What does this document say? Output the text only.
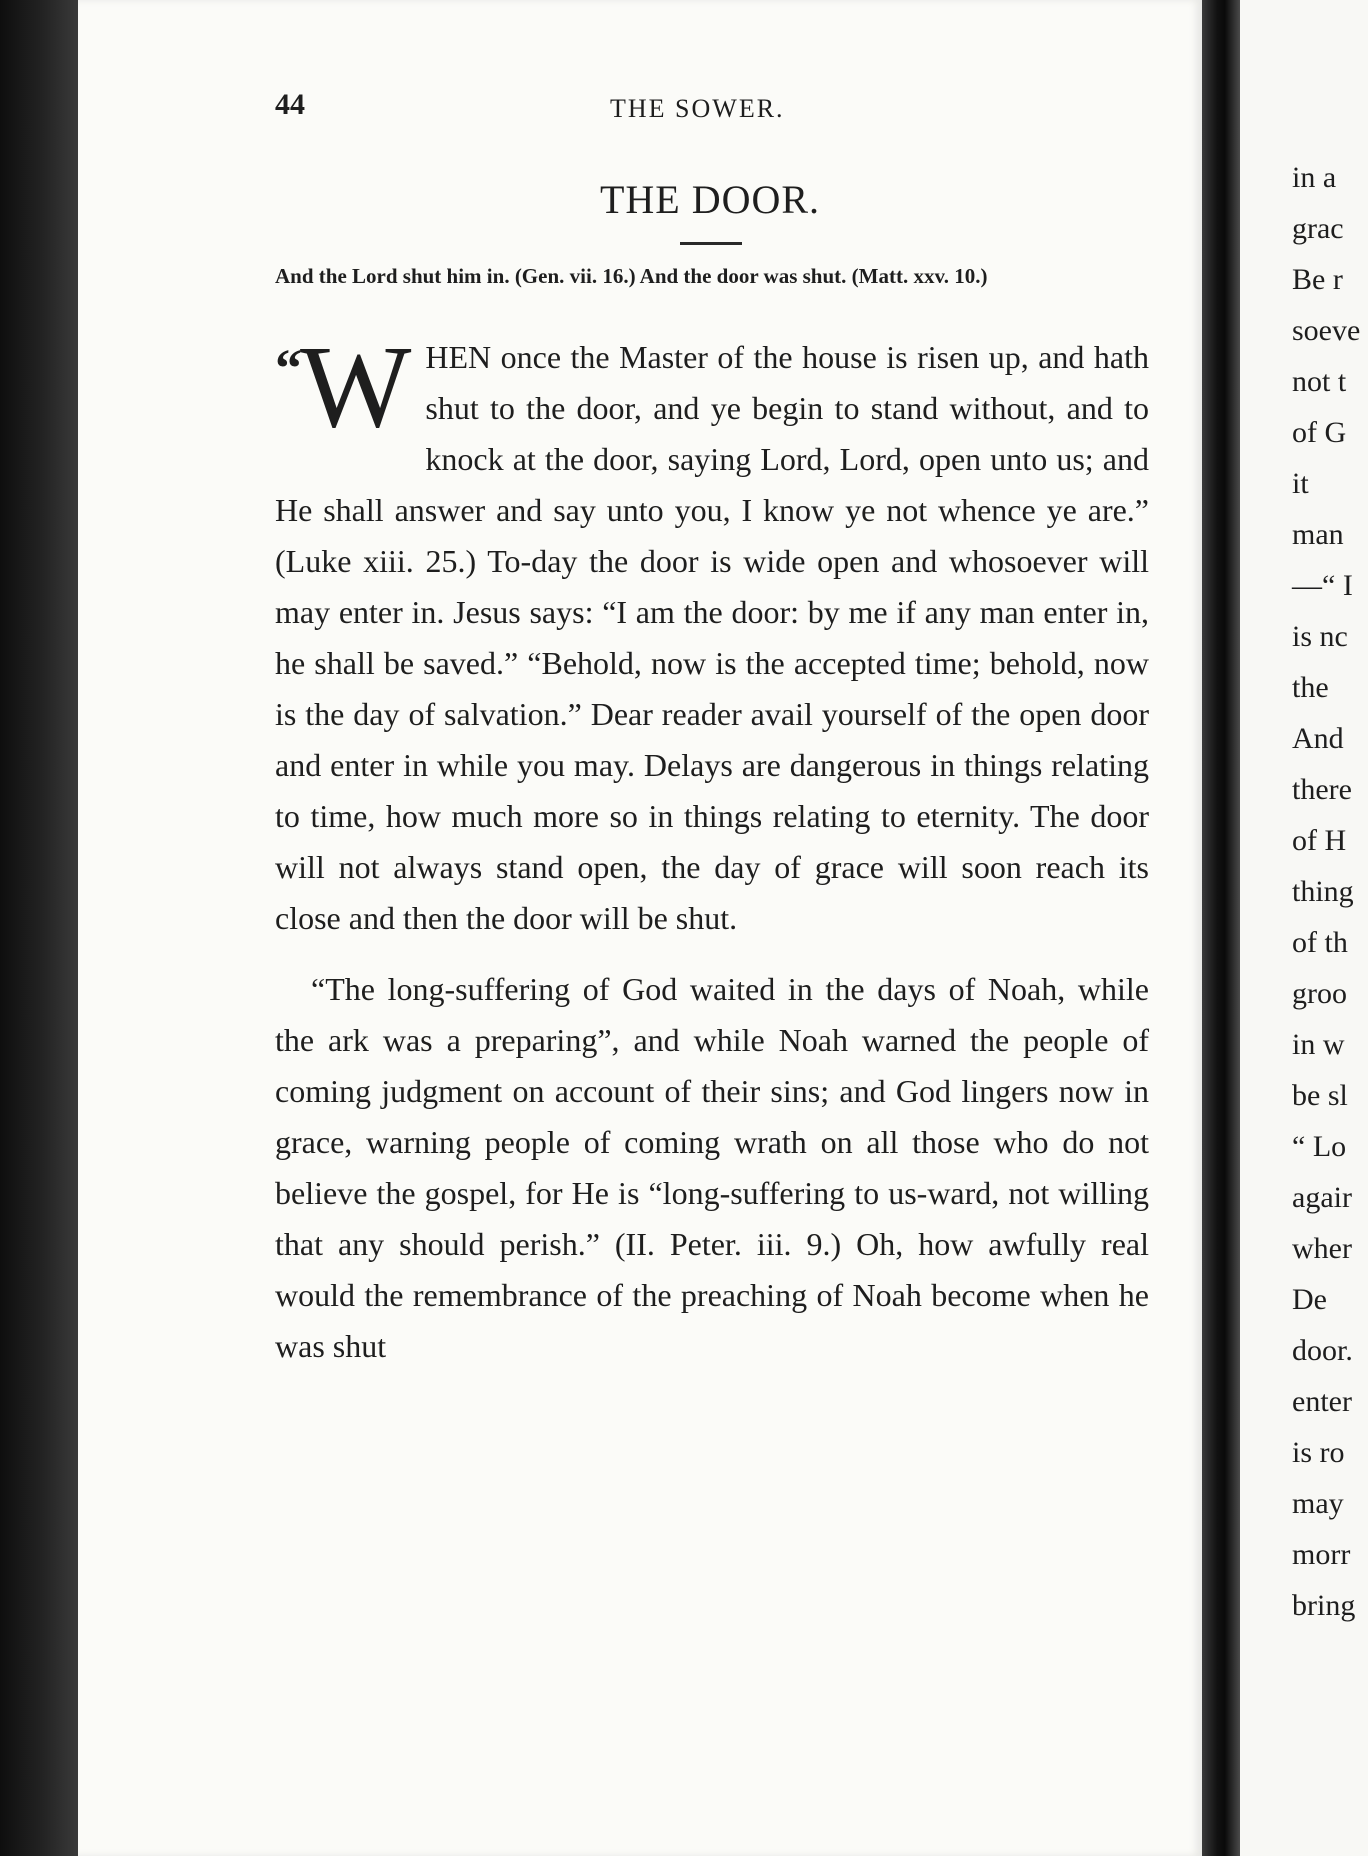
44	THE SOWER.
THE DOOR.
And the Lord shut him in. (Gen. vii. 16.) And the door was shut. (Matt. xxv. 10.)

“W HEN once the Master of the house is risen up, and hath shut to the door, and ye begin to stand without, and to knock at the door, saying Lord, Lord, open unto us; and He shall answer and say unto you, I know ye not whence ye are.” (Luke xiii. 25.) To-day the door is wide open and whosoever will may enter in. Jesus says: “I am the door: by me if any man enter in, he shall be saved.” “Behold, now is the accepted time; behold, now is the day of salvation.” Dear reader avail yourself of the open door and enter in while you may. Delays are dangerous in things relating to time, how much more so in things relating to eternity. The door will not always stand open, the day of grace will soon reach its close and then the door will be shut.

“The long-suffering of God waited in the days of Noah, while the ark was a preparing”, and while Noah warned the people of coming judgment on account of their sins; and God lingers now in grace, warning people of coming wrath on all those who do not believe the gospel, for He is “long-suffering to us-ward, not willing that any should perish.” (II. Peter. iii. 9.) Oh, how awfully real would the remembrance of the preaching of Noah become when he was shut

in a
grac
Be r
soeve
not t
of G
it
man
—“ I
is nc
the
And
there
of H
thing
of th
groo
in w
be sl
“ Lo
agair
wher
De
door.
enter
is ro
may
morr
bring
